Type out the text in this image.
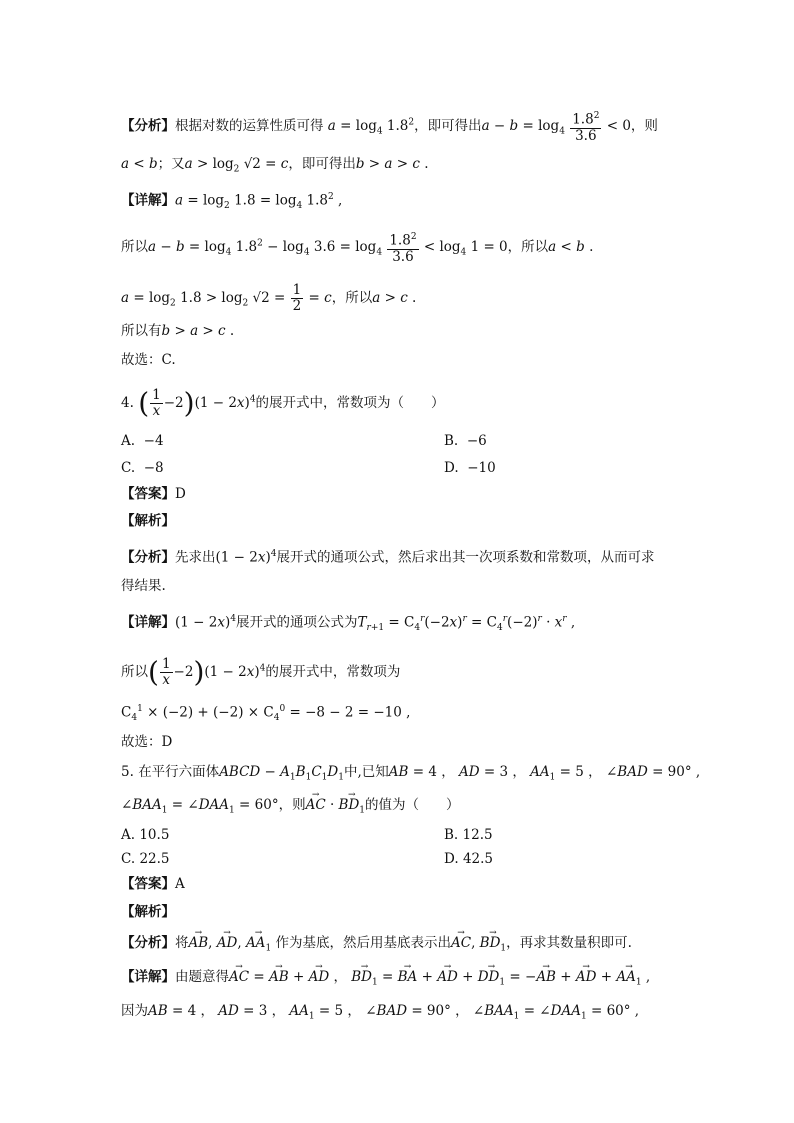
【分析】根据对数的运算性质可得 $a = \log_4 1.8^2$，即可得出$a - b = \log_4 \frac{1.8^2}{3.6} < 0$，则
a < b；又$a > \log_2 √2 = c$，即可得出b > a > c .
【详解】$a = \log_2 1.8 = \log_4 1.8^2$ ,
所以$a - b = \log_4 1.8^2 - \log_4 3.6 = \log_4 \frac{1.8^2}{3.6} < \log_4 1 = 0$，所以a < b .
$a = \log_2 1.8 > \log_2 √2 = \frac{1}{2} = c$，所以a > c .
所以有b > a > c .
故选：C.
4. ( $\frac{1}{x} -2)(1 - 2x)^4$的展开式中，常数项为（　　）
A. −4	B. −6
C. −8	D. −10
【答案】D
【解析】
【分析】先求出$(1 - 2x)^4$展开式的通项公式，然后求出其一次项系数和常数项，从而可求
得结果.
【详解】$(1 - 2x)^4$展开式的通项公式为$T_{r+1} = C_4^r(-2x)^r = C_4^r(-2)^r \cdot x^r$ ,
所以( $\frac{1}{x} -2)(1 - 2x)^4$的展开式中，常数项为
$C_4^1 \times (-2) + (-2) \times C_4^0 = -8 - 2 = -10$ ,
故选：D
5. 在平行六面体ABCD − $A_1B_1C_1D_1$中,已知AB = 4 ， AD = 3 ， $AA_1 = 5$ ， ∠BAD = 90° ,
$\angle BAA_1$ = $\angle DAA_1 = 60^\circ$，则→ AC · → $BD_1$的值为（　　）
A. 10.5	B. 12.5
C. 22.5	D. 42.5
【答案】A
【解析】
【分析】将→ AB, → AD, → $AA_1$ 作为基底，然后用基底表示出→ AC, → $BD_1$，再求其数量积即可.
【详解】由题意得→ AC = → AB + → AD ， → $BD_1$ = → BA + → AD + → $DD_1$ = −→ AB + → AD + → $AA_1$ ,
因为AB = 4 ， AD = 3 ， $AA_1 = 5$ ， ∠BAD = 90° ， $\angle BAA_1$ = $\angle DAA_1 = 60^\circ$ ,
